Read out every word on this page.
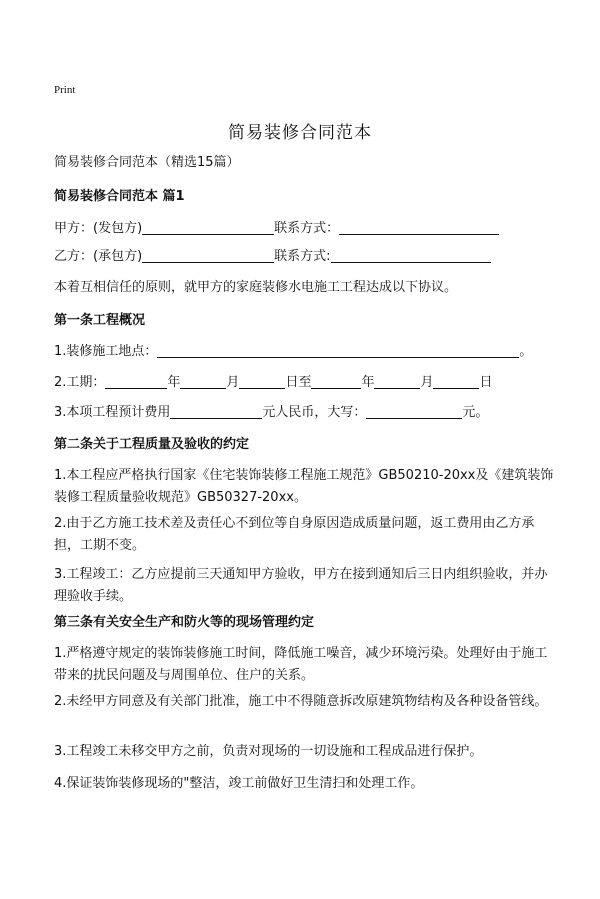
Print
简易装修合同范本
简易装修合同范本（精选15篇）
简易装修合同范本 篇1
甲方：(发包方)	联系方式：
乙方：(承包方)	联系方式:
本着互相信任的原则，就甲方的家庭装修水电施工工程达成以下协议。
第一条工程概况
1.装修施工地点：	。
2.工期：	年	月	日至	年	月	日
3.本项工程预计费用	元人民币，大写：	元。
第二条关于工程质量及验收的约定
1.本工程应严格执行国家《住宅装饰装修工程施工规范》GB50210-20xx及《建筑装饰装修工程质量验收规范》GB50327-20xx。
2.由于乙方施工技术差及责任心不到位等自身原因造成质量问题，返工费用由乙方承担，工期不变。
3.工程竣工：乙方应提前三天通知甲方验收，甲方在接到通知后三日内组织验收，并办理验收手续。
第三条有关安全生产和防火等的现场管理约定
1.严格遵守规定的装饰装修施工时间，降低施工噪音，减少环境污染。处理好由于施工带来的扰民问题及与周围单位、住户的关系。
2.未经甲方同意及有关部门批准，施工中不得随意拆改原建筑物结构及各种设备管线。
3.工程竣工未移交甲方之前，负责对现场的一切设施和工程成品进行保护。
4.保证装饰装修现场的"整洁，竣工前做好卫生清扫和处理工作。
